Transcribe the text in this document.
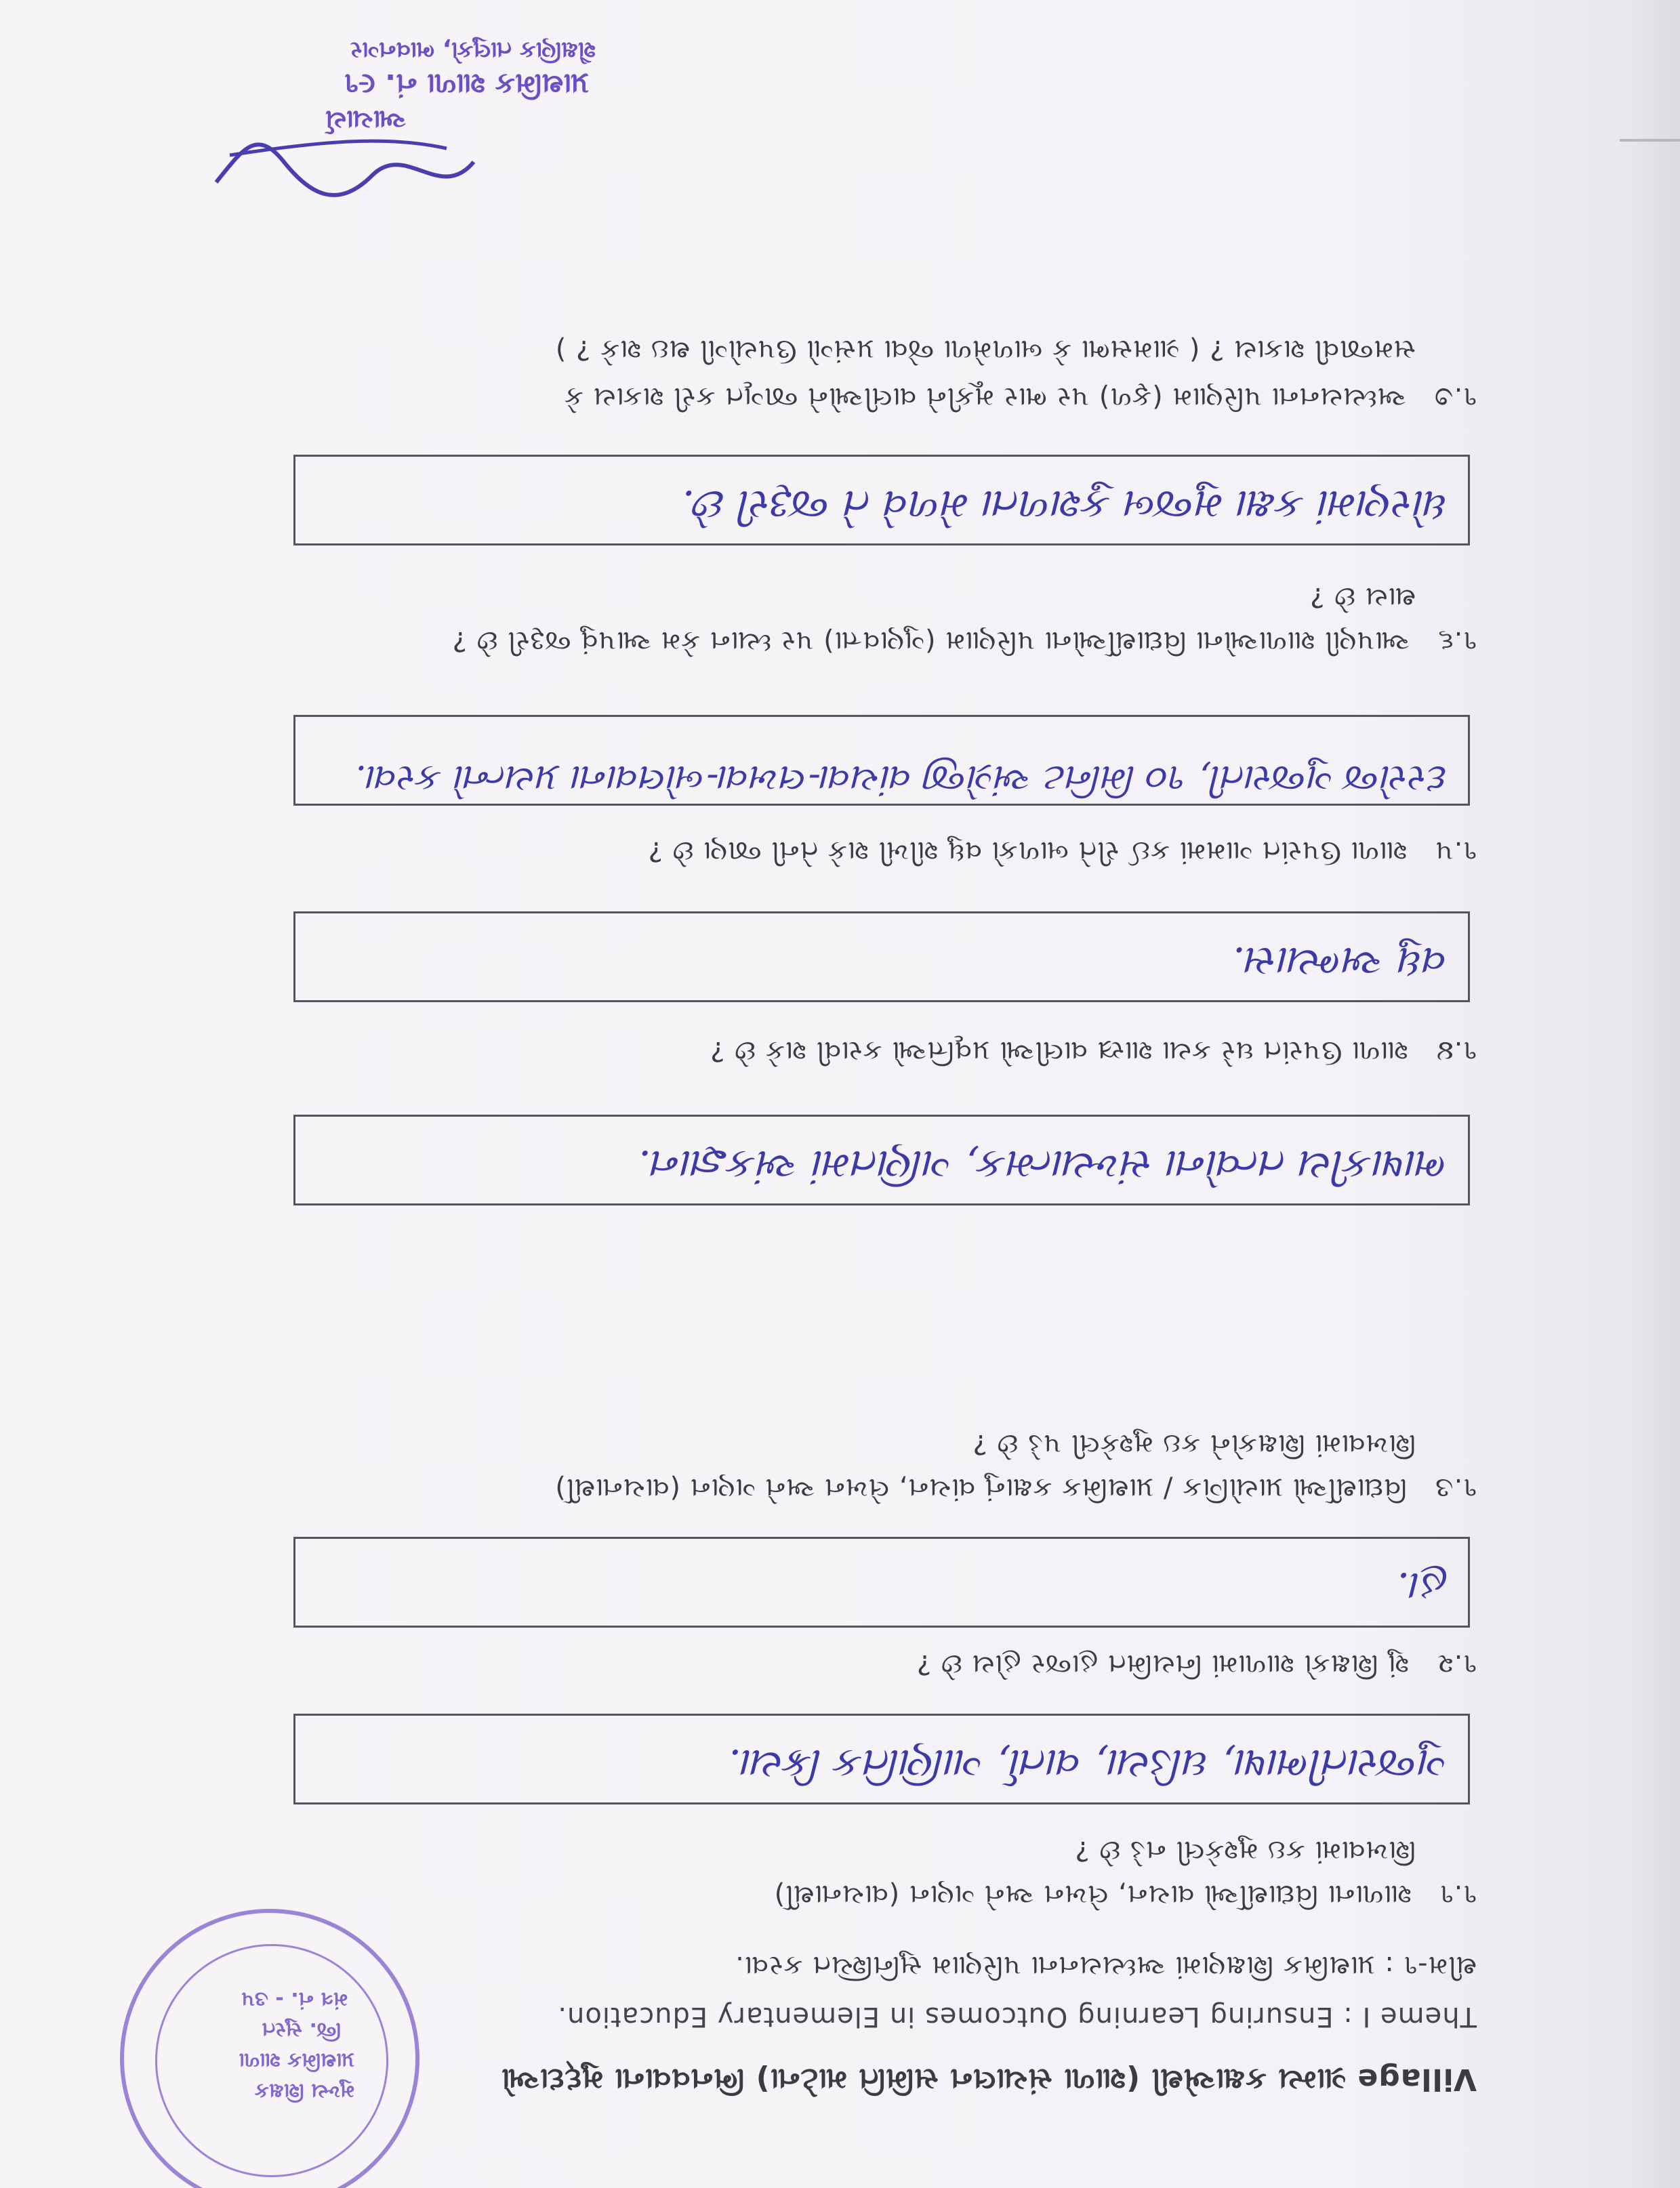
Village ગ્રામ્ય કક્ષાએથી (શાળા સંચાલન સમિતિ માટેના) ભિનવવાના મુદ્દાઓ
Theme I : Ensuring Learning Outcomes in Elementary Education.
થીમ-૧ : પ્રાથમિક શિક્ષણમાં અધ્યયનના પરિણામ સુનિશ્ચિત કરવા.
૧.૧   શાળાના વિદ્યાર્થીઓ વાચન, લેખન અને ગણન (વાચનાર્થી)
શિખવામાં કઇ મુશ્કેલી નડે છે ?
ગુજરાતીભાષા, ઘડિયા, વાર્તા, ગાણિતિક ક્રિયા.
૧.૨   શું શિક્ષકો શાળામાં નિયમિત હાજર હોય છે ?
હા.
૧.૩   વિદ્યાર્થીઓ પ્રાયોગિક / પ્રાથમિક કક્ષાનું વાંચન, લેખન અને ગણન (વાચનાર્થી)
શિખવામાં શિક્ષકોને કઇ મુશ્કેલી પડે છે ?
ભાષાકીય તત્વોના સંખ્યાત્મક, ગણિતમાં અંકજ્ઞાન.
૧.૪   શાળા ઉપરાંત ઘરે કયા શાસ્ત્ર વાલીઓ પ્રવૃત્તિઓ કરાવી શકે છે ?
વધુ અભ્યાસ.
૧.૫   શાળા ઉપરાંત ગામમાં કઈ રીતે બાળકો વધુ શીખી શકે તેની જાણ છે ?
દરરોજ ગુજરાતી, ૧૦ મિનિટ અંગ્રેજી વાંચવા-લખવા-બોલવાના પ્રયત્નો કરવા.
૧.૬   આપણી શાળાઓના વિદ્યાર્થીઓના પરિણામ (ગુણવત્તા) પર ધ્યાન કેમ આપવું જરૂરી છે ?
થાય છે ?
ધોરણમાં કક્ષા મુજબ કુશળતા મેળવે તે જરૂરી છે.
૧.૭   અધ્યયનના પરિણામ (ફળ) પર ભાર મૂકીને વાલીઓને જાગૃત કરી શકાય કે
સમજાવી શકાય ? ( ગ્રામસભા કે બાળમેળા જેવા પ્રસંગો ઉપયોગી થઇ શકે ? )
મુખ્ય શિક્ષક
પ્રાથમિક શાળા
જિ. સુરત
મંત્ર નં. - ૩૫
આચાર્ય
પ્રાથમિક શાળા નં. ૯૧
શૈક્ષણિક તાલુકો, ભાવનગર
